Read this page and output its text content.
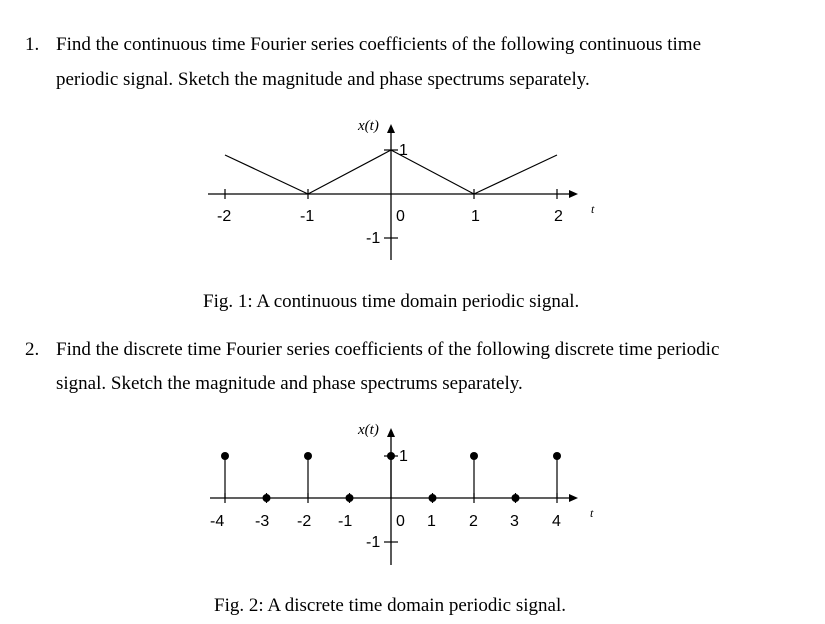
1. Find the continuous time Fourier series coefficients of the following continuous time
periodic signal. Sketch the magnitude and phase spectrums separately.
x(t)
1
-1
-2	-1	0	1	2 t
Fig. 1: A continuous time domain periodic signal.
2. Find the discrete time Fourier series coefficients of the following discrete time periodic
signal. Sketch the magnitude and phase spectrums separately.
x(t)
1
-1
-4 -3 -2 -1	0 1 2 3 4 t
Fig. 2: A discrete time domain periodic signal.
